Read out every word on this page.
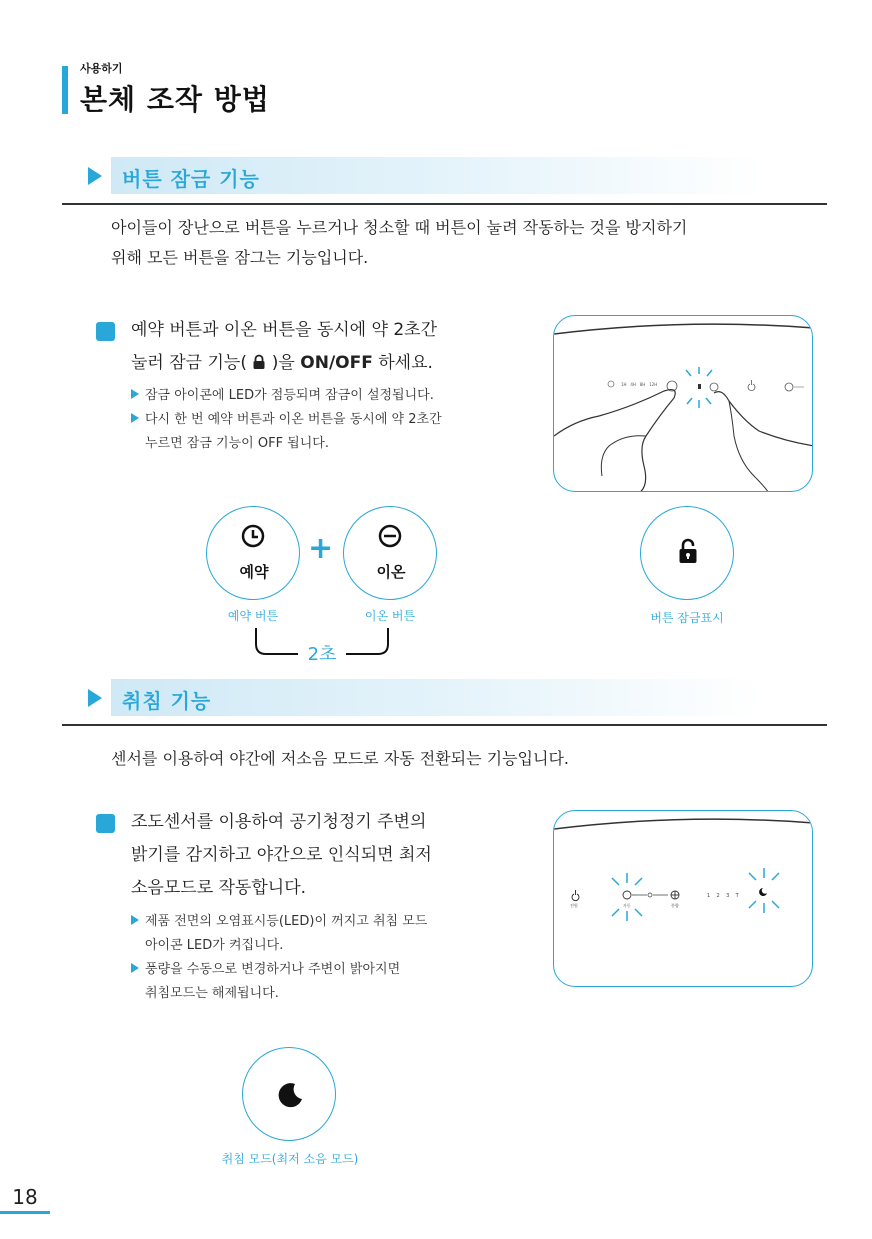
사용하기
본체 조작 방법
버튼 잠금 기능
아이들이 장난으로 버튼을 누르거나 청소할 때 버튼이 눌려 작동하는 것을 방지하기
위해 모든 버튼을 잠그는 기능입니다.
예약 버튼과 이온 버튼을 동시에 약 2초간
눌러 잠금 기능( )을 ON/OFF 하세요.
잠금 아이콘에 LED가 점등되며 잠금이 설정됩니다.
다시 한 번 예약 버튼과 이온 버튼을 동시에 약 2초간
누르면 잠금 기능이 OFF 됩니다.
1H   4H   8H   12H
예약
+
이온
예약 버튼	이온 버튼
2초
버튼 잠금표시
취침 기능
센서를 이용하여 야간에 저소음 모드로 자동 전환되는 기능입니다.
조도센서를 이용하여 공기청정기 주변의
밝기를 감지하고 야간으로 인식되면 최저
소음모드로 작동합니다.
제품 전면의 오염표시등(LED)이 꺼지고 취침 모드
아이콘 LED가 켜집니다.
풍량을 수동으로 변경하거나 주변이 밝아지면
취침모드는 해제됩니다.
전원	자동	풍량
1    2    3    T
취침 모드(최저 소음 모드)
18
